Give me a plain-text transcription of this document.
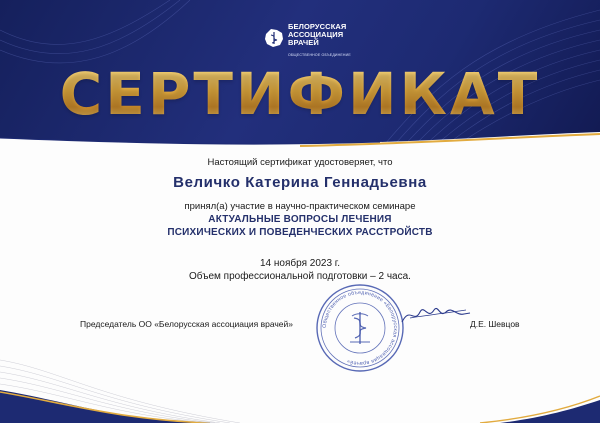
БЕЛОРУССКАЯ
АССОЦИАЦИЯ
ВРАЧЕЙ
ОБЩЕСТВЕННОЕ ОБЪЕДИНЕНИЕ
СЕРТИФИКАТ
Настоящий сертификат удостоверяет, что
Величко Катерина Геннадьевна
принял(а) участие в научно-практическом семинаре
АКТУАЛЬНЫЕ ВОПРОСЫ ЛЕЧЕНИЯ
ПСИХИЧЕСКИХ И ПОВЕДЕНЧЕСКИХ РАССТРОЙСТВ
14 ноября 2023 г.
Объем профессиональной подготовки – 2 часа.
Общественное объединение «Белорусская ассоциация врачей»
Председатель ОО «Белорусская ассоциация врачей»	Д.Е. Шевцов
